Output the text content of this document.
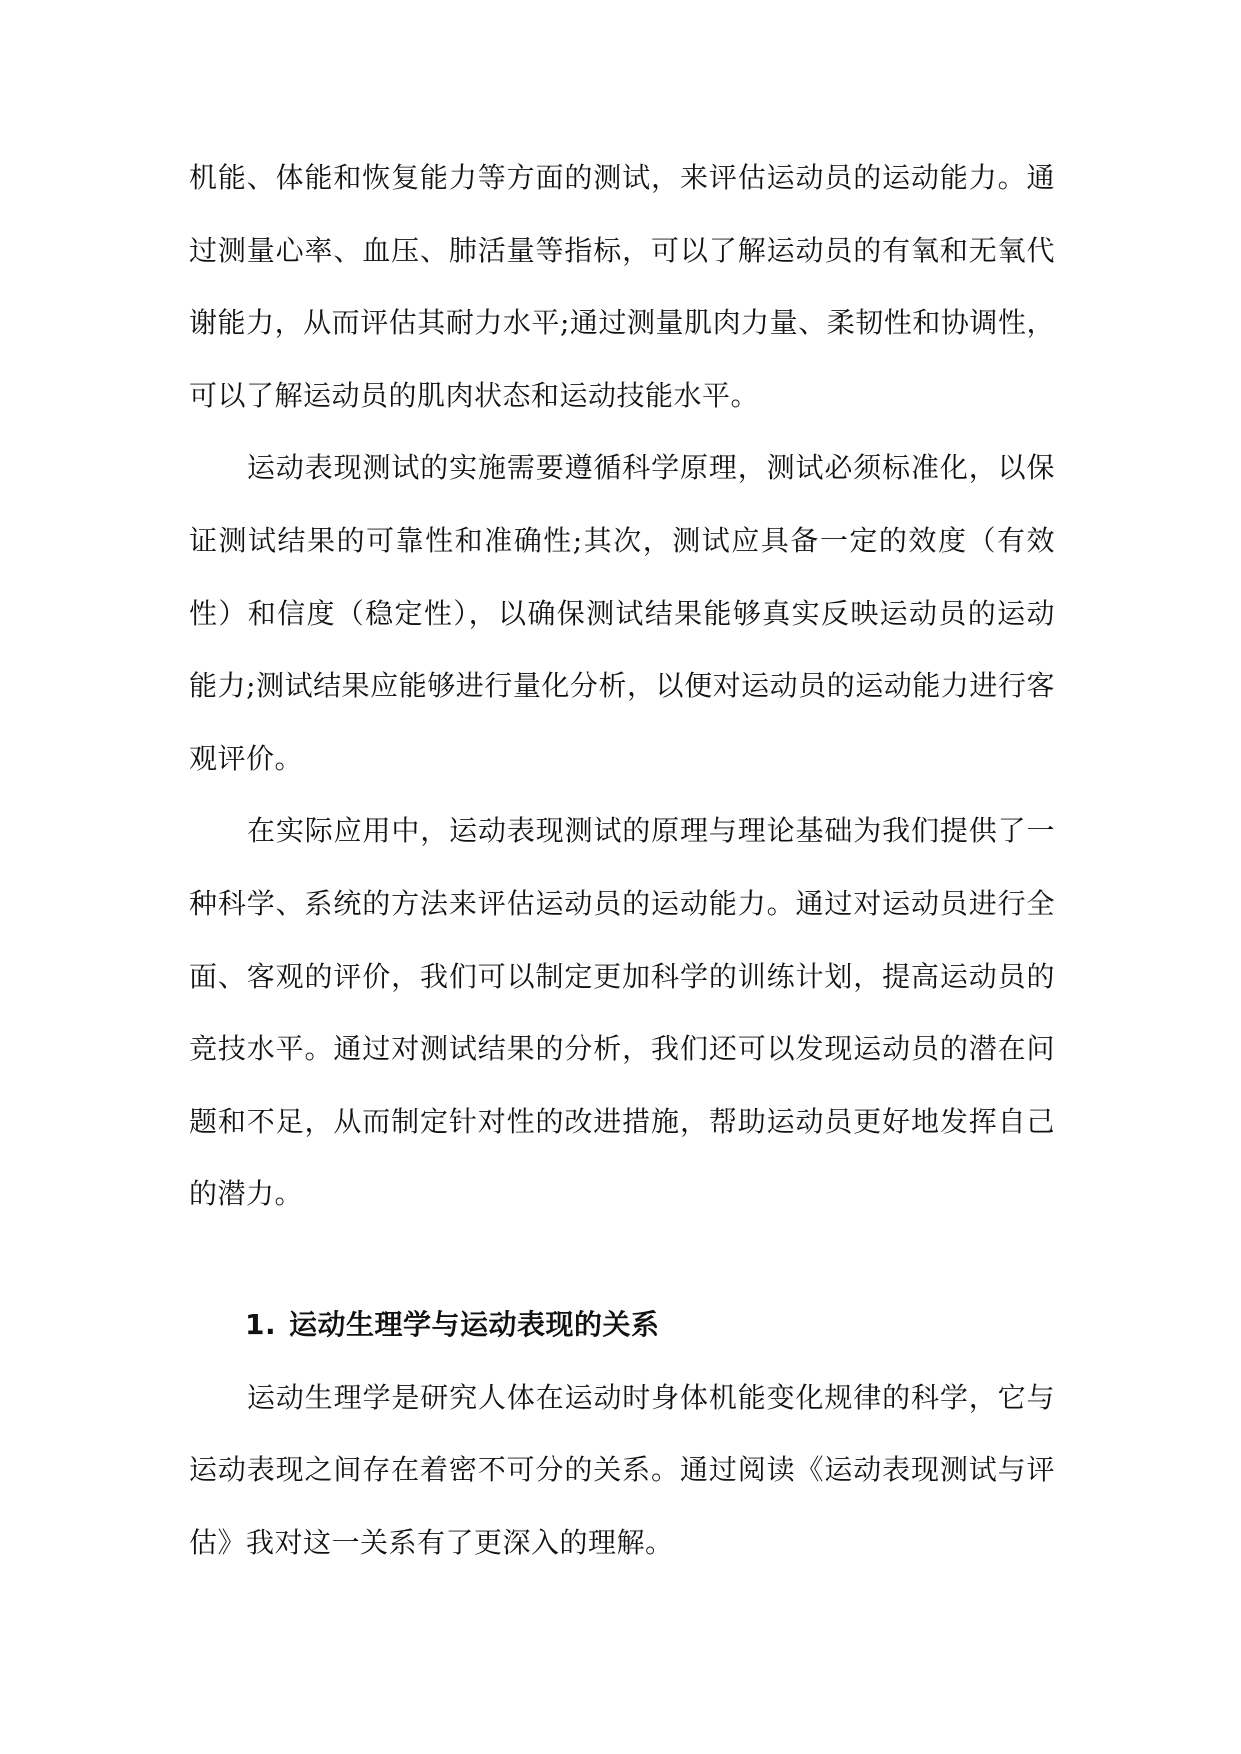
机能、体能和恢复能力等方面的测试，来评估运动员的运动能力。通过测量心率、血压、肺活量等指标，可以了解运动员的有氧和无氧代谢能力，从而评估其耐力水平;通过测量肌肉力量、柔韧性和协调性，可以了解运动员的肌肉状态和运动技能水平。

运动表现测试的实施需要遵循科学原理，测试必须标准化，以保证测试结果的可靠性和准确性;其次，测试应具备一定的效度（有效性）和信度（稳定性），以确保测试结果能够真实反映运动员的运动能力;测试结果应能够进行量化分析，以便对运动员的运动能力进行客观评价。

在实际应用中，运动表现测试的原理与理论基础为我们提供了一种科学、系统的方法来评估运动员的运动能力。通过对运动员进行全面、客观的评价，我们可以制定更加科学的训练计划，提高运动员的竞技水平。通过对测试结果的分析，我们还可以发现运动员的潜在问题和不足，从而制定针对性的改进措施，帮助运动员更好地发挥自己的潜力。

1. 运动生理学与运动表现的关系

运动生理学是研究人体在运动时身体机能变化规律的科学，它与运动表现之间存在着密不可分的关系。通过阅读《运动表现测试与评估》我对这一关系有了更深入的理解。
